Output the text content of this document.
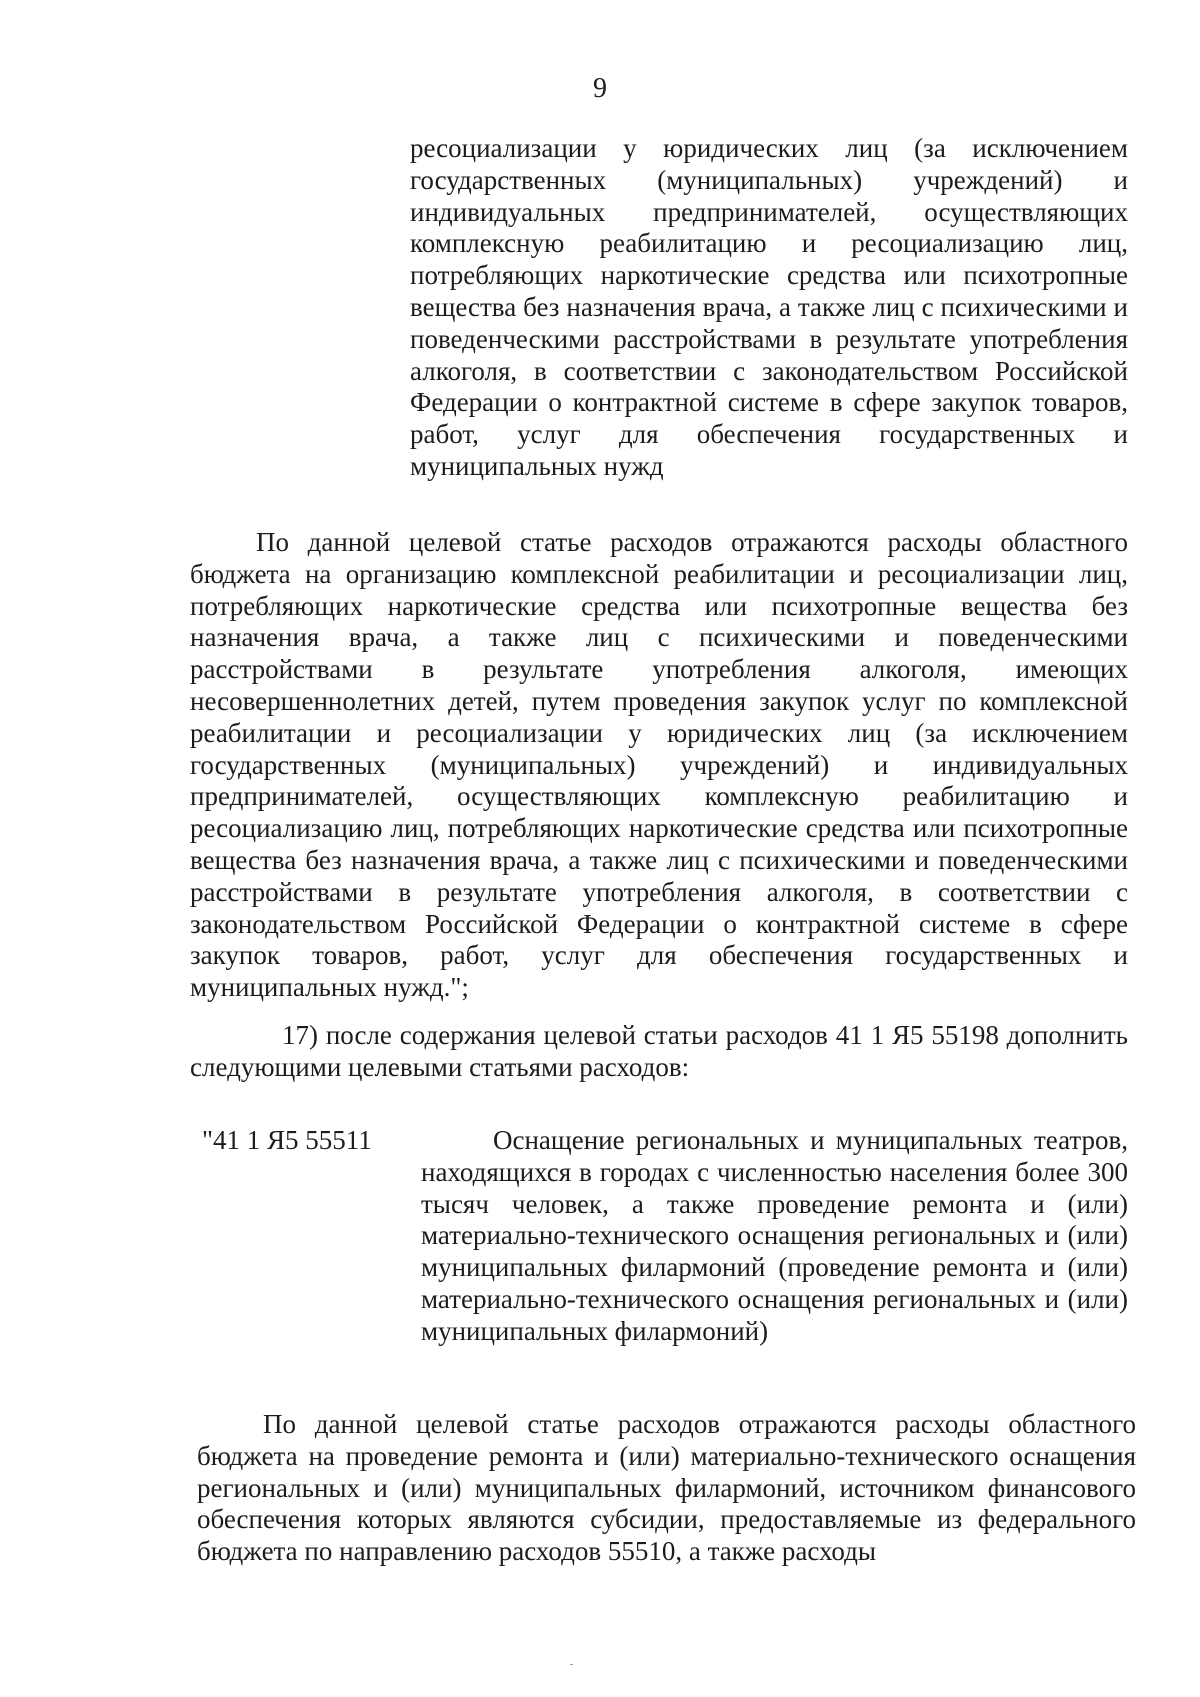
9

ресоциализации у юридических лиц (за исключением государственных (муниципальных) учреждений) и индивидуальных предпринимателей, осуществляющих комплексную реабилитацию и ресоциализацию лиц, потребляющих наркотические средства или психотропные вещества без назначения врача, а также лиц с психическими и поведенческими расстройствами в результате употребления алкоголя, в соответствии с законодательством Российской Федерации о контрактной системе в сфере закупок товаров, работ, услуг для обеспечения государственных и муниципальных нужд

По данной целевой статье расходов отражаются расходы областного бюджета на организацию комплексной реабилитации и ресоциализации лиц, потребляющих наркотические средства или психотропные вещества без назначения врача, а также лиц с психическими и поведенческими расстройствами в результате употребления алкоголя, имеющих несовершеннолетних детей, путем проведения закупок услуг по комплексной реабилитации и ресоциализации у юридических лиц (за исключением государственных (муниципальных) учреждений) и индивидуальных предпринимателей, осуществляющих комплексную реабилитацию и ресоциализацию лиц, потребляющих наркотические средства или психотропные вещества без назначения врача, а также лиц с психическими и поведенческими расстройствами в результате употребления алкоголя, в соответствии с законодательством Российской Федерации о контрактной системе в сфере закупок товаров, работ, услуг для обеспечения государственных и муниципальных нужд.";

17) после содержания целевой статьи расходов 41 1 Я5 55198 дополнить следующими целевыми статьями расходов:

"41 1 Я5 55511	Оснащение региональных и муниципальных театров, находящихся в городах с численностью населения более 300 тысяч человек, а также проведение ремонта и (или) материально-технического оснащения региональных и (или) муниципальных филармоний (проведение ремонта и (или) материально-технического оснащения региональных и (или) муниципальных филармоний)

По данной целевой статье расходов отражаются расходы областного бюджета на проведение ремонта и (или) материально-технического оснащения региональных и (или) муниципальных филармоний, источником финансового обеспечения которых являются субсидии, предоставляемые из федерального бюджета по направлению расходов 55510, а также расходы
